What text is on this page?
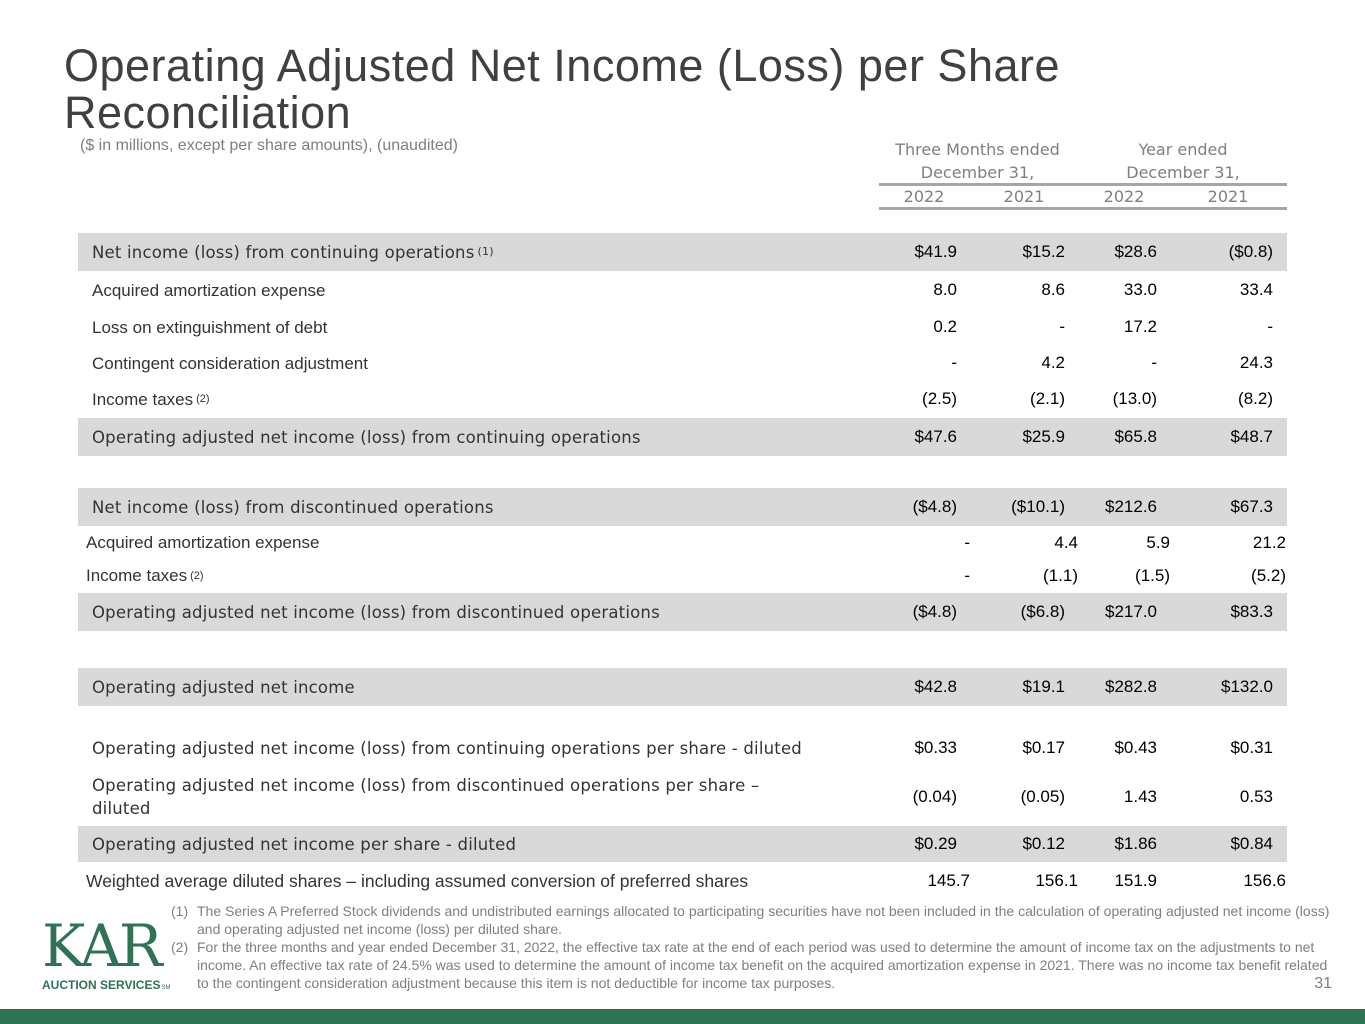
Operating Adjusted Net Income (Loss) per Share Reconciliation
($ in millions, except per share amounts), (unaudited)	Three Months ended
December 31,
Year ended
December 31,
2022	2021	2022	2021
Net income (loss) from continuing operations (1)	$41.9	$15.2	$28.6	($0.8)
Acquired amortization expense	8.0	8.6	33.0	33.4
Loss on extinguishment of debt	0.2	-	17.2	-
Contingent consideration adjustment	-	4.2	-	24.3
Income taxes (2)	(2.5)	(2.1)	(13.0)	(8.2)
Operating adjusted net income (loss) from continuing operations	$47.6	$25.9	$65.8	$48.7
Net income (loss) from discontinued operations	($4.8)	($10.1)	$212.6	$67.3
Acquired amortization expense	-	4.4	5.9	21.2
Income taxes (2)	-	(1.1)	(1.5)	(5.2)
Operating adjusted net income (loss) from discontinued operations	($4.8)	($6.8)	$217.0	$83.3
Operating adjusted net income	$42.8	$19.1	$282.8	$132.0
Operating adjusted net income (loss) from continuing operations per share - diluted	$0.33	$0.17	$0.43	$0.31
Operating adjusted net income (loss) from discontinued operations per share –
diluted
(0.04)	(0.05)	1.43	0.53
Operating adjusted net income per share - diluted	$0.29	$0.12	$1.86	$0.84
Weighted average diluted shares – including assumed conversion of preferred shares	145.7	156.1	151.9	156.6
KAR
AUCTION SERVICESSM
(1) The Series A Preferred Stock dividends and undistributed earnings allocated to participating securities have not been included in the calculation of operating adjusted net income (loss) and operating adjusted net income (loss) per diluted share.
(2) For the three months and year ended December 31, 2022, the effective tax rate at the end of each period was used to determine the amount of income tax on the adjustments to net income. An effective tax rate of 24.5% was used to determine the amount of income tax benefit on the acquired amortization expense in 2021. There was no income tax benefit related to the contingent consideration adjustment because this item is not deductible for income tax purposes.	31
